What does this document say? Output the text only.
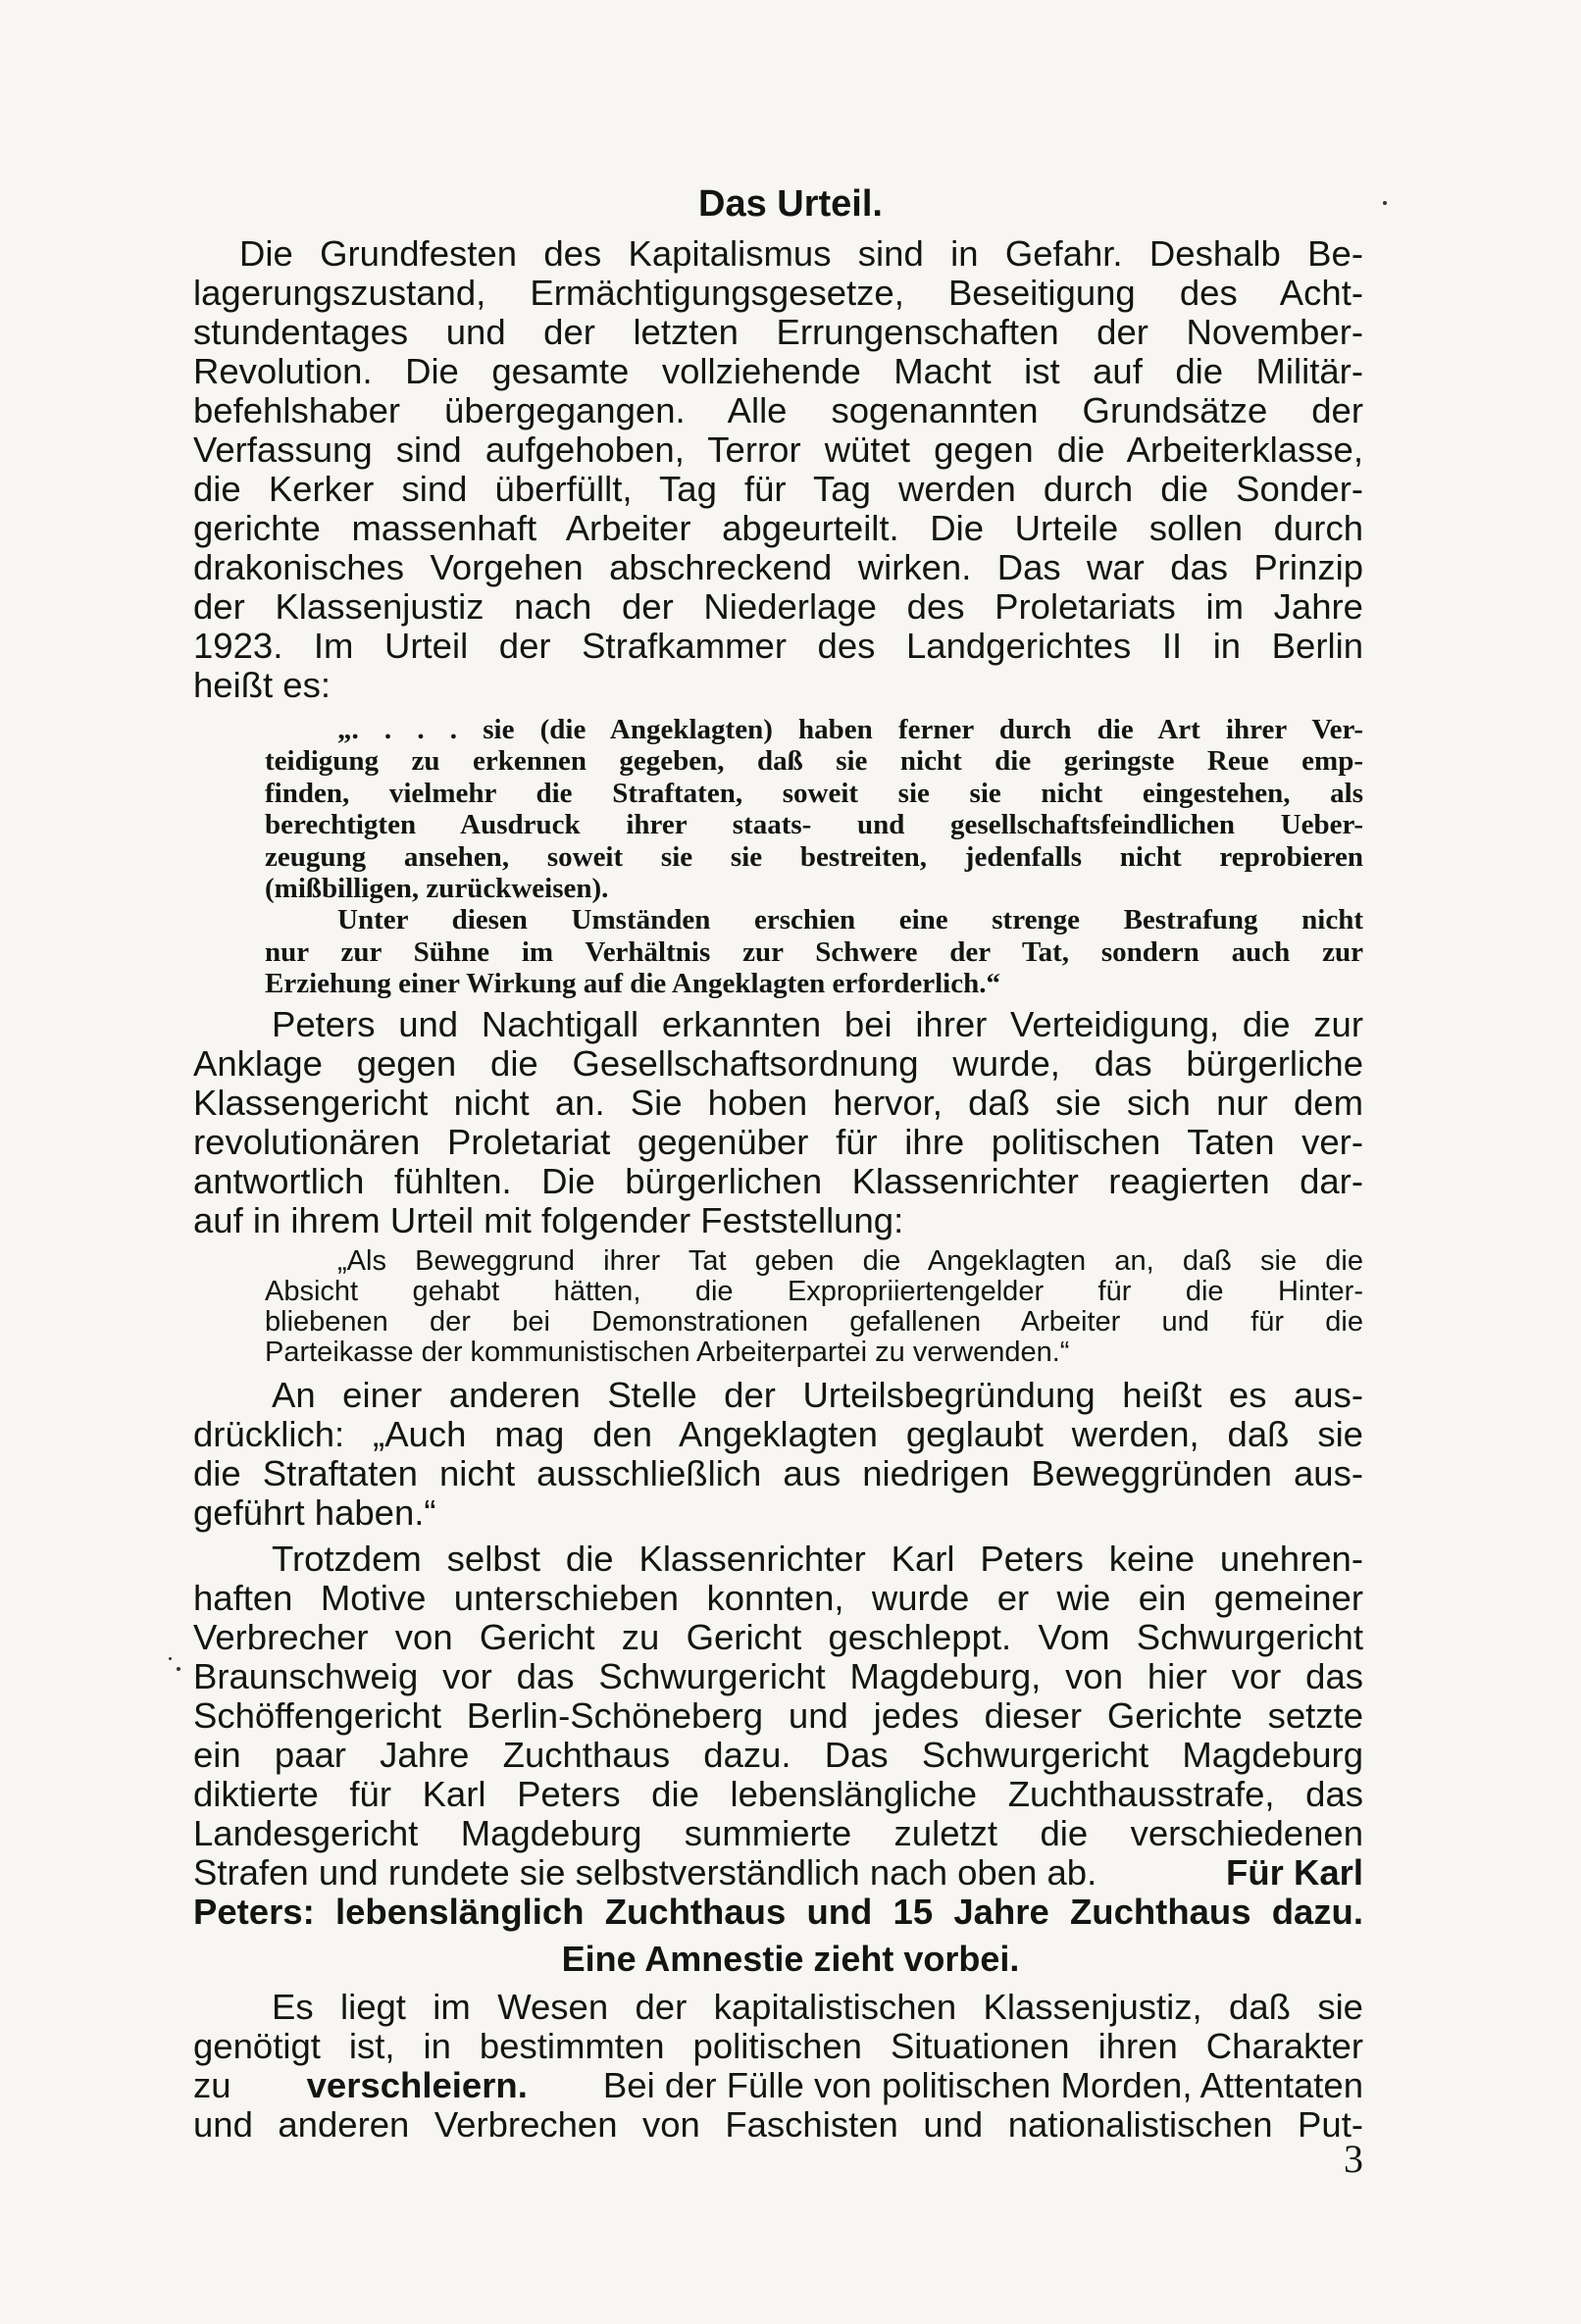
Das Urteil.
Die Grundfesten des Kapitalismus sind in Gefahr. Deshalb Be-
lagerungszustand, Ermächtigungsgesetze, Beseitigung des Acht-
stundentages und der letzten Errungenschaften der November-
Revolution. Die gesamte vollziehende Macht ist auf die Militär-
befehlshaber übergegangen. Alle sogenannten Grundsätze der
Verfassung sind aufgehoben, Terror wütet gegen die Arbeiterklasse,
die Kerker sind überfüllt, Tag für Tag werden durch die Sonder-
gerichte massenhaft Arbeiter abgeurteilt. Die Urteile sollen durch
drakonisches Vorgehen abschreckend wirken. Das war das Prinzip
der Klassenjustiz nach der Niederlage des Proletariats im Jahre
1923. Im Urteil der Strafkammer des Landgerichtes II in Berlin
heißt es:
„. . . . sie (die Angeklagten) haben ferner durch die Art ihrer Ver-
teidigung zu erkennen gegeben, daß sie nicht die geringste Reue emp-
finden, vielmehr die Straftaten, soweit sie sie nicht eingestehen, als
berechtigten Ausdruck ihrer staats- und gesellschaftsfeindlichen Ueber-
zeugung ansehen, soweit sie sie bestreiten, jedenfalls nicht reprobieren
(mißbilligen, zurückweisen).
Unter diesen Umständen erschien eine strenge Bestrafung nicht
nur zur Sühne im Verhältnis zur Schwere der Tat, sondern auch zur
Erziehung einer Wirkung auf die Angeklagten erforderlich.“
Peters und Nachtigall erkannten bei ihrer Verteidigung, die zur
Anklage gegen die Gesellschaftsordnung wurde, das bürgerliche
Klassengericht nicht an. Sie hoben hervor, daß sie sich nur dem
revolutionären Proletariat gegenüber für ihre politischen Taten ver-
antwortlich fühlten. Die bürgerlichen Klassenrichter reagierten dar-
auf in ihrem Urteil mit folgender Feststellung:
„Als Beweggrund ihrer Tat geben die Angeklagten an, daß sie die
Absicht gehabt hätten, die Expropriiertengelder für die Hinter-
bliebenen der bei Demonstrationen gefallenen Arbeiter und für die
Parteikasse der kommunistischen Arbeiterpartei zu verwenden.“
An einer anderen Stelle der Urteilsbegründung heißt es aus-
drücklich: „Auch mag den Angeklagten geglaubt werden, daß sie
die Straftaten nicht ausschließlich aus niedrigen Beweggründen aus-
geführt haben.“
Trotzdem selbst die Klassenrichter Karl Peters keine unehren-
haften Motive unterschieben konnten, wurde er wie ein gemeiner
Verbrecher von Gericht zu Gericht geschleppt. Vom Schwurgericht
Braunschweig vor das Schwurgericht Magdeburg, von hier vor das
Schöffengericht Berlin-Schöneberg und jedes dieser Gerichte setzte
ein paar Jahre Zuchthaus dazu. Das Schwurgericht Magdeburg
diktierte für Karl Peters die lebenslängliche Zuchthausstrafe, das
Landesgericht Magdeburg summierte zuletzt die verschiedenen
Strafen und rundete sie selbstverständlich nach oben ab.	Für Karl
Peters: lebenslänglich Zuchthaus und 15 Jahre Zuchthaus dazu.
Eine Amnestie zieht vorbei.
Es liegt im Wesen der kapitalistischen Klassenjustiz, daß sie
genötigt ist, in bestimmten politischen Situationen ihren Charakter
zu verschleiern. Bei der Fülle von politischen Morden, Attentaten
und anderen Verbrechen von Faschisten und nationalistischen Put-
3
